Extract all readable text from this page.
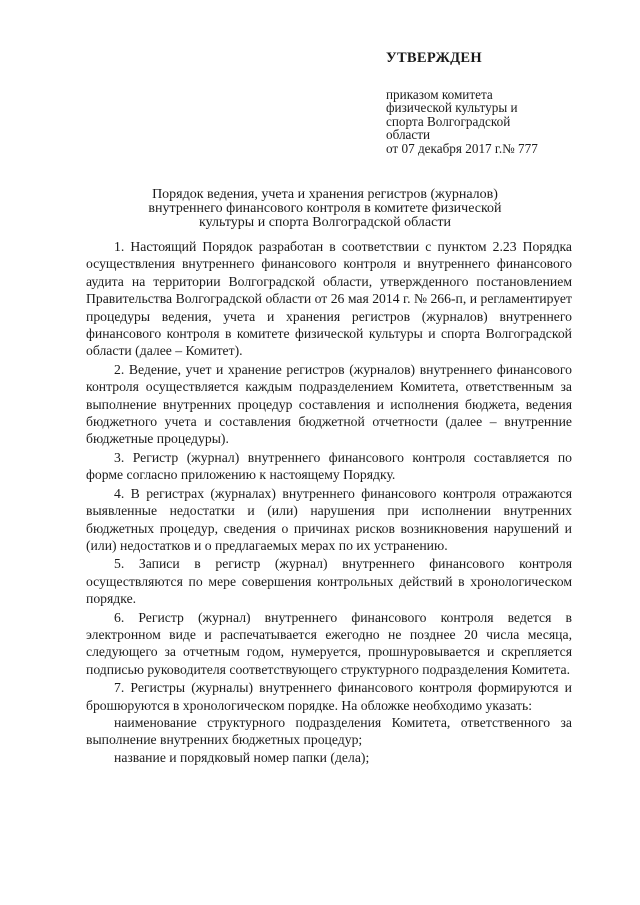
УТВЕРЖДЕН
приказом комитета
физической культуры и
спорта Волгоградской
области
от 07 декабря 2017 г.№ 777
Порядок ведения, учета и хранения регистров (журналов)
внутреннего финансового контроля в комитете физической
культуры и спорта Волгоградской области

1. Настоящий Порядок разработан в соответствии с пунктом 2.23 Порядка осуществления внутреннего финансового контроля и внутреннего финансового аудита на территории Волгоградской области, утвержденного постановлением Правительства Волгоградской области от 26 мая 2014 г. № 266-п, и регламентирует процедуры ведения, учета и хранения регистров (журналов) внутреннего финансового контроля в комитете физической культуры и спорта Волгоградской области (далее – Комитет).

2. Ведение, учет и хранение регистров (журналов) внутреннего финансового контроля осуществляется каждым подразделением Комитета, ответственным за выполнение внутренних процедур составления и исполнения бюджета, ведения бюджетного учета и составления бюджетной отчетности (далее – внутренние бюджетные процедуры).

3. Регистр (журнал) внутреннего финансового контроля составляется по форме согласно приложению к настоящему Порядку.

4. В регистрах (журналах) внутреннего финансового контроля отражаются выявленные недостатки и (или) нарушения при исполнении внутренних бюджетных процедур, сведения о причинах рисков возникновения нарушений и (или) недостатков и о предлагаемых мерах по их устранению.

5. Записи в регистр (журнал) внутреннего финансового контроля осуществляются по мере совершения контрольных действий в хронологическом порядке.

6. Регистр (журнал) внутреннего финансового контроля ведется в электронном виде и распечатывается ежегодно не позднее 20 числа месяца, следующего за отчетным годом, нумеруется, прошнуровывается и скрепляется подписью руководителя соответствующего структурного подразделения Комитета.

7. Регистры (журналы) внутреннего финансового контроля формируются и брошюруются в хронологическом порядке. На обложке необходимо указать:

наименование структурного подразделения Комитета, ответственного за выполнение внутренних бюджетных процедур;

название и порядковый номер папки (дела);
